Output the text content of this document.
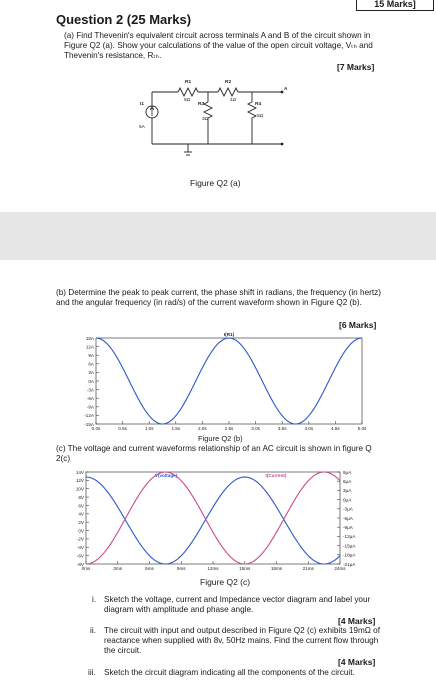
15 Marks]
Question 2 (25 Marks)
(a) Find Thevenin's equivalent circuit across terminals A and B of the circuit shown in Figure Q2 (a). Show your calculations of the value of the open circuit voltage, Vₜₕ and Thevenin's resistance, Rₜₕ.
[7 Marks]
R1	R2
R3	R4
I1
A
5Ω	4Ω
3Ω
5Ω
5A
Figure Q2 (a)
(b) Determine the peak to peak current, the phase shift in radians, the frequency (in hertz) and the angular frequency (in rad/s) of the current waveform shown in Figure Q2 (b).
[6 Marks]
15A
12A
9A
6A
3A
0A
-3A
-6A
-9A
-12A
-15A
0.0s	0.5s	1.0s	1.5s	2.0s	2.5s	3.0s	3.5s	4.0s	4.5s	5.0s
I(R1)
Figure Q2 (b)
(c) The voltage and current waveforms relationship of an AC circuit is shown in figure Q 2(c)
14V
12V
10V
8V
6V
4V
2V
0V
-2V
-4V
-6V
-8V
9μA
6μA
3μA
0μA
-3μA
-6μA
-9μA
-12μA
-15μA
-18μA
-21μA
0ms	3ms	6ms	9ms	12ms	15ms	18ms	21ms	24ms
V(voltage)	I(Current)
Figure Q2 (c)
i. Sketch the voltage, current and Impedance vector diagram and label your diagram with amplitude and phase angle.
[4 Marks]
ii. The circuit with input and output described in Figure Q2 (c) exhibits 19mΩ of reactance when supplied with 8v, 50Hz mains. Find the current flow through the circuit.
[4 Marks]
iii. Sketch the circuit diagram indicating all the components of the circuit.
